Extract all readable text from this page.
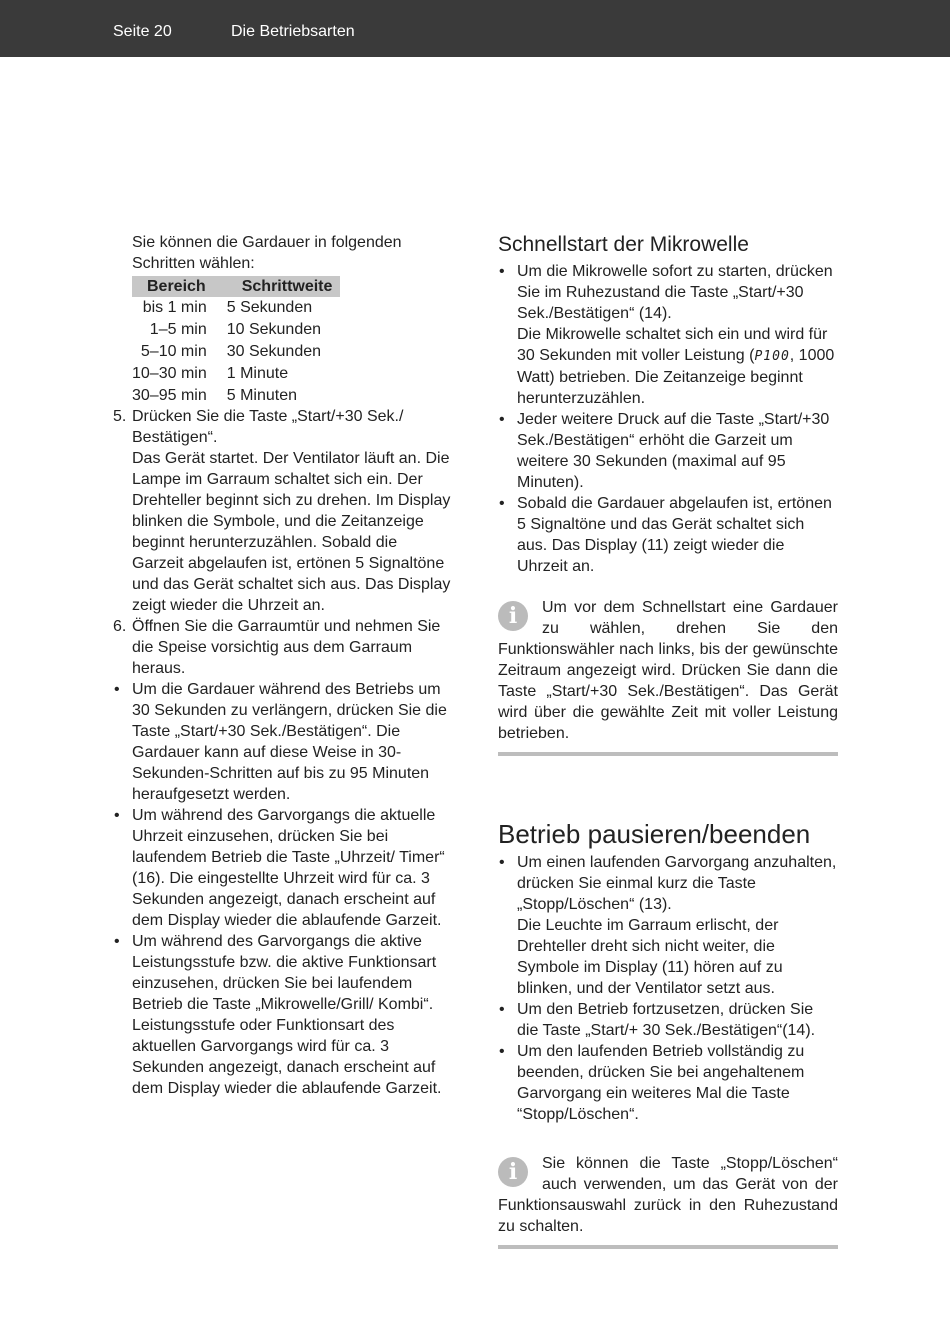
Seite 20	Die Betriebsarten

Sie können die Gardauer in folgenden Schritten wählen:

Bereich	Schrittweite
bis 1 min	5 Sekunden
1–5 min	10 Sekunden
5–10 min	30 Sekunden
10–30 min	1 Minute
30–95 min	5 Minuten
5. Drücken Sie die Taste „Start/+30 Sek./ Bestätigen“.

Das Gerät startet. Der Ventilator läuft an. Die Lampe im Garraum schaltet sich ein. Der Drehteller beginnt sich zu drehen. Im Display blinken die Symbole, und die Zeitanzeige beginnt herunterzuzählen. Sobald die Garzeit abgelaufen ist, ertönen 5 Signaltöne und das Gerät schaltet sich aus. Das Display zeigt wieder die Uhrzeit an.

6. Öffnen Sie die Garraumtür und nehmen Sie die Speise vorsichtig aus dem Garraum heraus.

• Um die Gardauer während des Betriebs um 30 Sekunden zu verlängern, drücken Sie die Taste „Start/+30 Sek./Bestätigen“. Die Gardauer kann auf diese Weise in 30-Sekunden-Schritten auf bis zu 95 Minuten heraufgesetzt werden.
• Um während des Garvorgangs die aktuelle Uhrzeit einzusehen, drücken Sie bei laufendem Betrieb die Taste „Uhrzeit/ Timer“ (16). Die eingestellte Uhrzeit wird für ca. 3 Sekunden angezeigt, danach erscheint auf dem Display wieder die ablaufende Garzeit.
• Um während des Garvorgangs die aktive Leistungsstufe bzw. die aktive Funktionsart einzusehen, drücken Sie bei laufendem Betrieb die Taste „Mikrowelle/Grill/ Kombi“. Leistungsstufe oder Funktionsart des aktuellen Garvorgangs wird für ca. 3 Sekunden angezeigt, danach erscheint auf dem Display wieder die ablaufende Garzeit.
Schnellstart der Mikrowelle

• Um die Mikrowelle sofort zu starten, drücken Sie im Ruhezustand die Taste „Start/+30 Sek./Bestätigen“ (14).

Die Mikrowelle schaltet sich ein und wird für 30 Sekunden mit voller Leistung (P100, 1000 Watt) betrieben. Die Zeitanzeige beginnt herunterzuzählen.

• Jeder weitere Druck auf die Taste „Start/+30 Sek./Bestätigen“ erhöht die Garzeit um weitere 30 Sekunden (maximal auf 95 Minuten).
• Sobald die Gardauer abgelaufen ist, ertönen 5 Signaltöne und das Gerät schaltet sich aus. Das Display (11) zeigt wieder die Uhrzeit an.
i	Um vor dem Schnellstart eine Gardauer zu wählen, drehen Sie den Funktionswähler nach links, bis der gewünschte Zeitraum angezeigt wird. Drücken Sie dann die Taste „Start/+30 Sek./Bestätigen“. Das Gerät wird über die gewählte Zeit mit voller Leistung betrieben.

Betrieb pausieren/beenden

• Um einen laufenden Garvorgang anzuhalten, drücken Sie einmal kurz die Taste „Stopp/Löschen“ (13).

Die Leuchte im Garraum erlischt, der Drehteller dreht sich nicht weiter, die Symbole im Display (11) hören auf zu blinken, und der Ventilator setzt aus.

• Um den Betrieb fortzusetzen, drücken Sie die Taste „Start/+ 30 Sek./Bestätigen“(14).
• Um den laufenden Betrieb vollständig zu beenden, drücken Sie bei angehaltenem Garvorgang ein weiteres Mal die Taste “Stopp/Löschen“.
i	Sie können die Taste „Stopp/Löschen“ auch verwenden, um das Gerät von der Funktionsauswahl zurück in den Ruhezustand zu schalten.
